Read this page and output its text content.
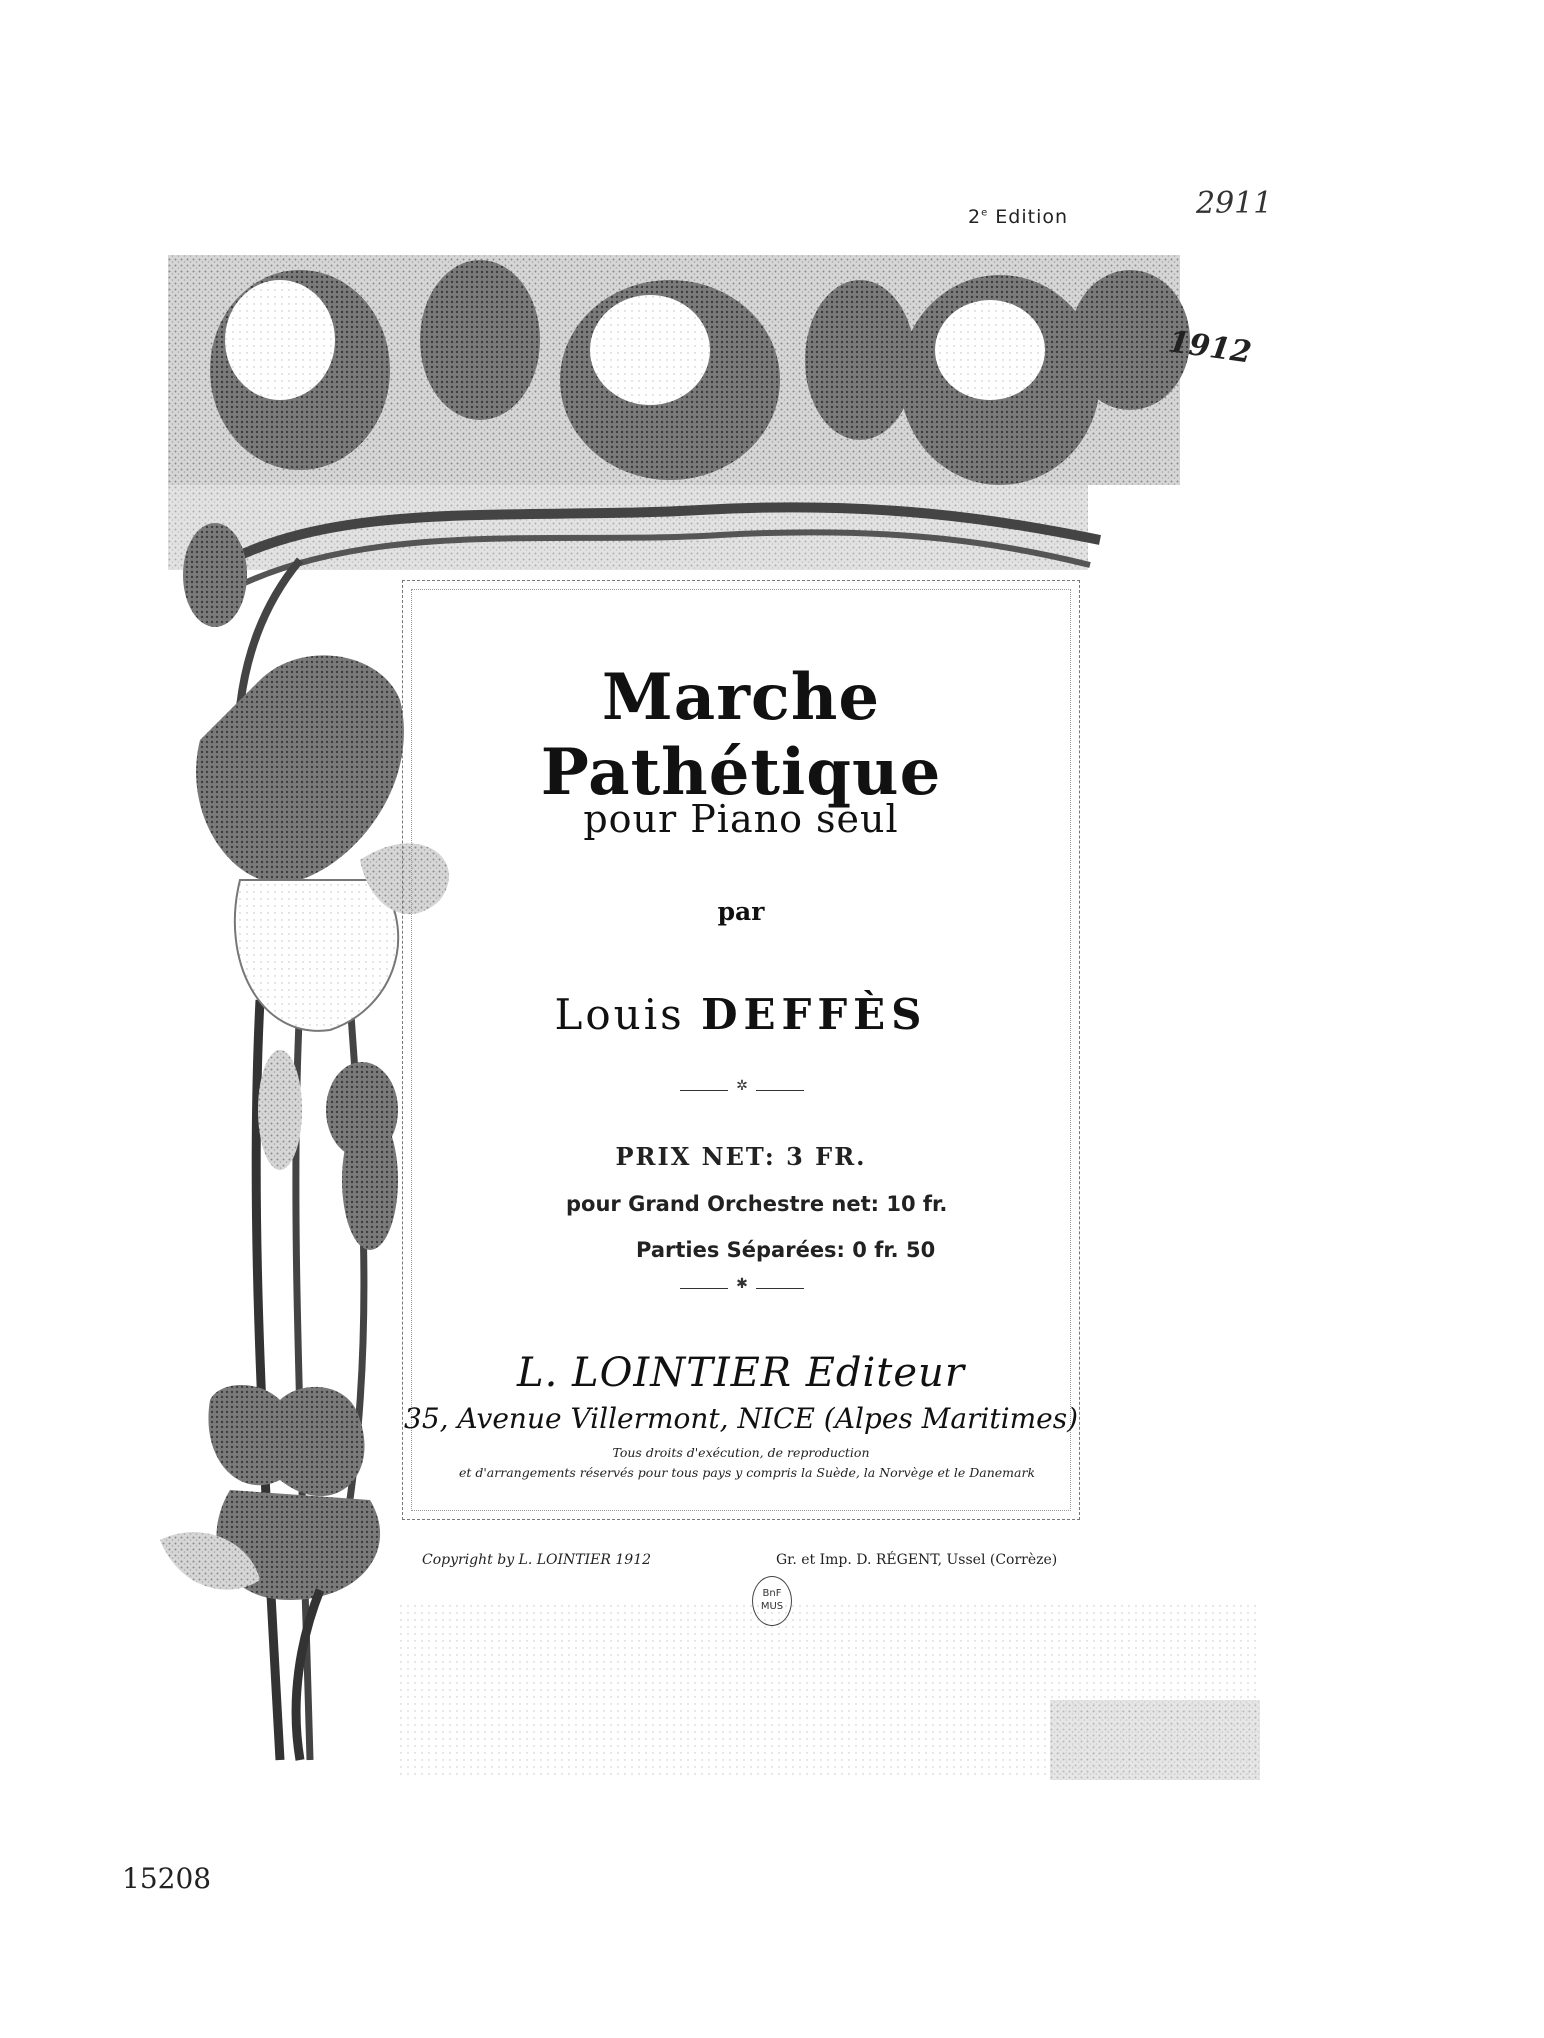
2e Edition	2911
1912
Marche Pathétique
pour Piano seul
par
Louis DEFFÈS
✲
PRIX NET: 3 FR.
pour Grand Orchestre net: 10 fr.
Parties Séparées: 0 fr. 50
✱
L. LOINTIER Editeur
35, Avenue Villermont, NICE (Alpes Maritimes)
Tous droits d'exécution, de reproduction
et d'arrangements réservés pour tous pays y compris la Suède, la Norvège et le Danemark
Copyright by L. LOINTIER 1912	Gr. et Imp. D. RÉGENT, Ussel (Corrèze)
BnF
MUS
15208
